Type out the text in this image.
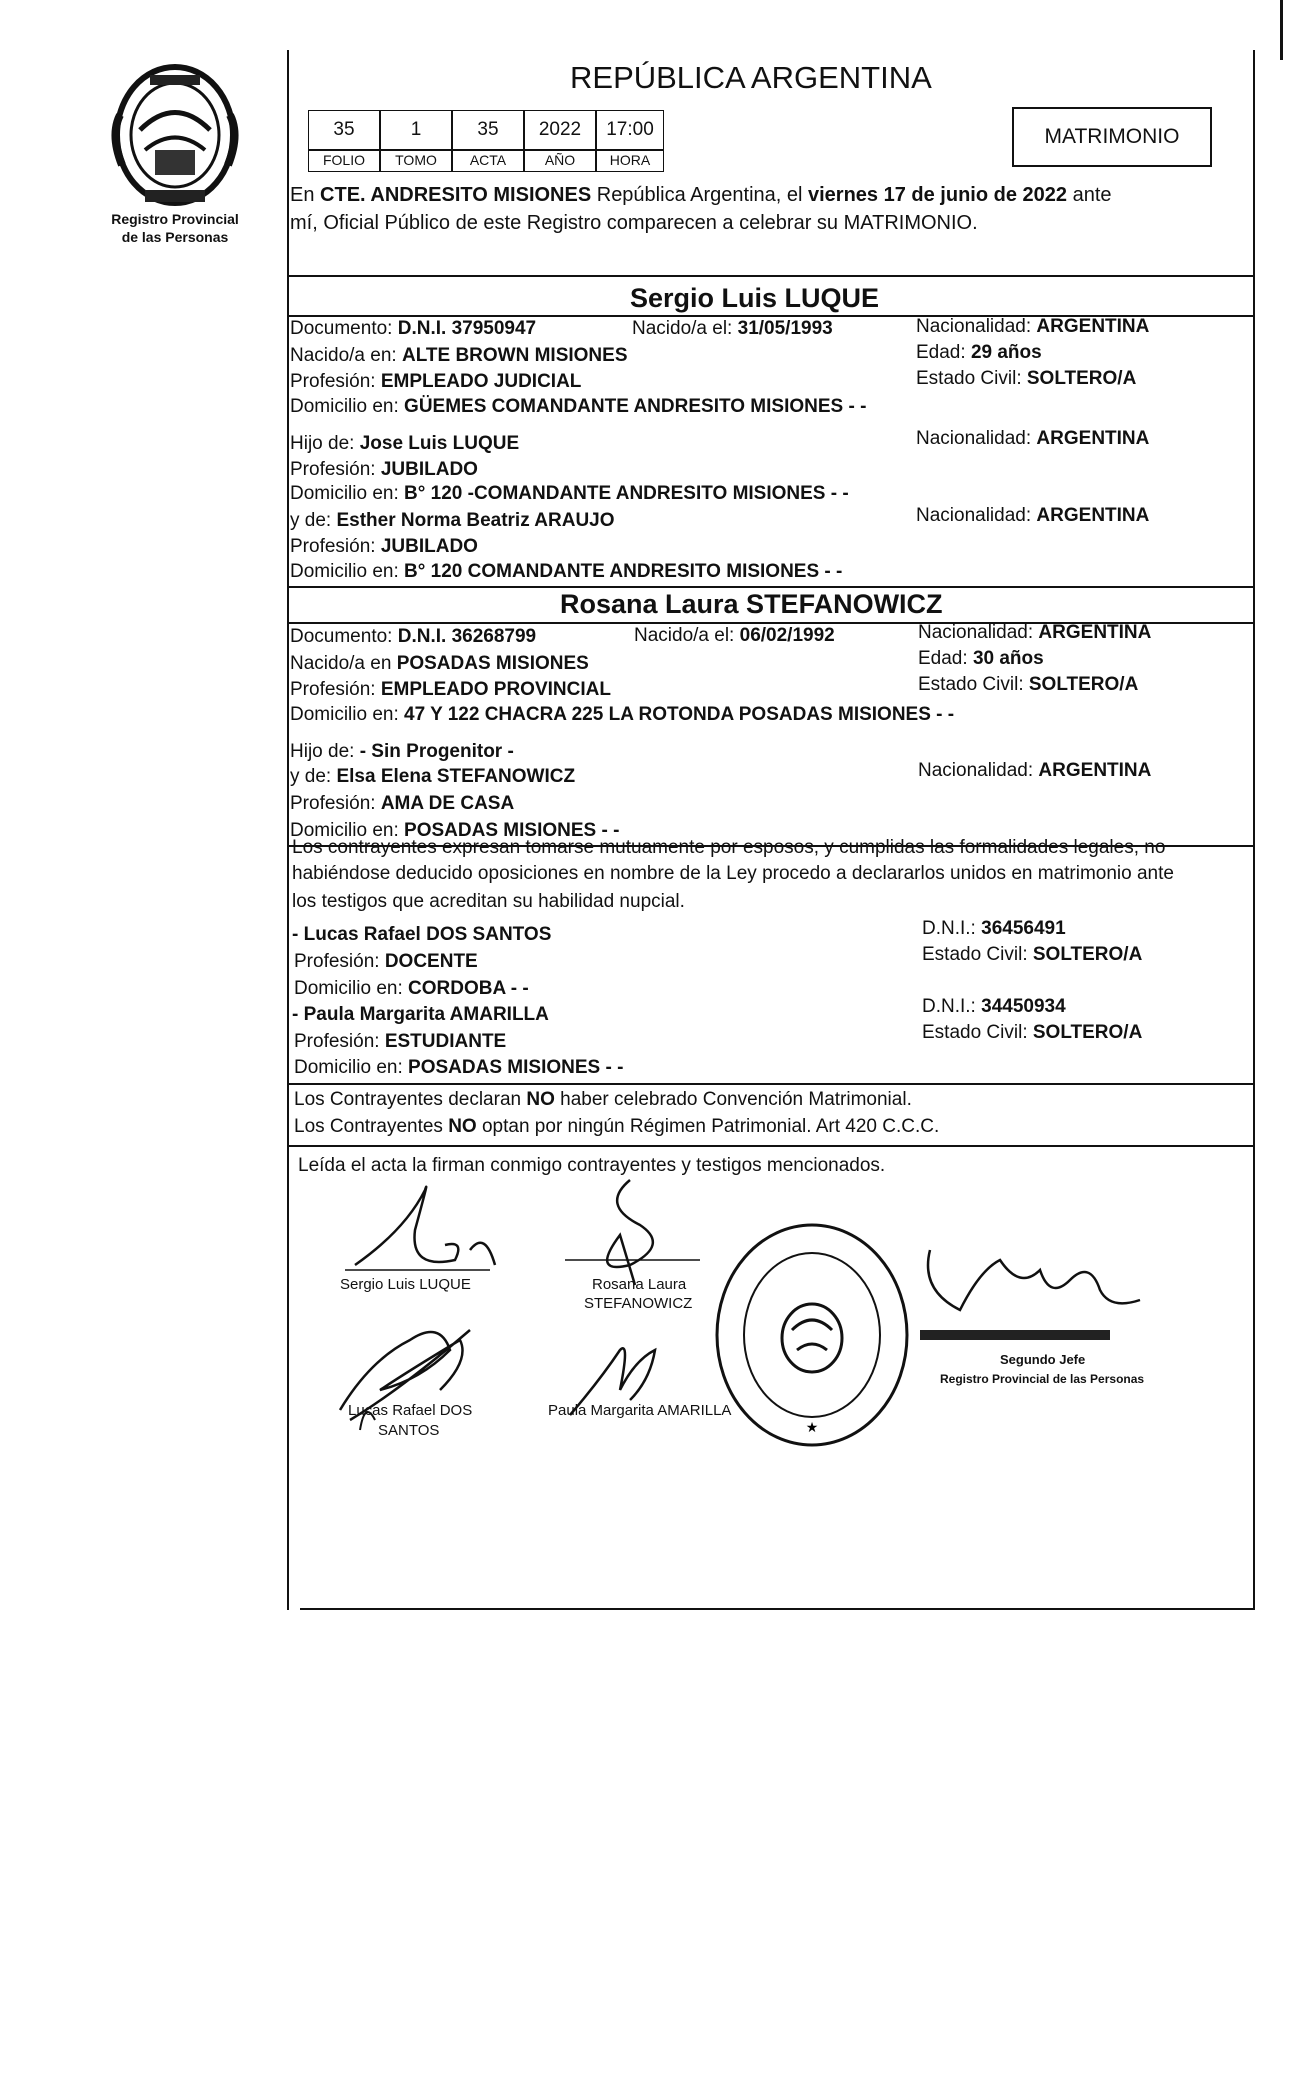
Registro Provincial
de las Personas
REPÚBLICA ARGENTINA
35	1	35	2022	17:00
FOLIO	TOMO	ACTA	AÑO	HORA
MATRIMONIO
En CTE. ANDRESITO MISIONES República Argentina, el viernes 17 de junio de 2022 ante
mí, Oficial Público de este Registro comparecen a celebrar su MATRIMONIO.
Sergio Luis LUQUE
Documento: D.N.I. 37950947	Nacido/a el: 31/05/1993	Nacionalidad: ARGENTINA
Nacido/a en: ALTE BROWN MISIONES	Edad: 29 años
Profesión: EMPLEADO JUDICIAL	Estado Civil: SOLTERO/A
Domicilio en: GÜEMES COMANDANTE ANDRESITO MISIONES - -
Hijo de: Jose Luis LUQUE	Nacionalidad: ARGENTINA
Profesión: JUBILADO
Domicilio en: B° 120 -COMANDANTE ANDRESITO MISIONES - -
y de: Esther Norma Beatriz ARAUJO	Nacionalidad: ARGENTINA
Profesión: JUBILADO
Domicilio en: B° 120 COMANDANTE ANDRESITO MISIONES - -
Rosana Laura STEFANOWICZ
Documento: D.N.I. 36268799	Nacido/a el: 06/02/1992	Nacionalidad: ARGENTINA
Nacido/a en POSADAS MISIONES	Edad: 30 años
Profesión: EMPLEADO PROVINCIAL	Estado Civil: SOLTERO/A
Domicilio en: 47 Y 122 CHACRA 225 LA ROTONDA POSADAS MISIONES - -
Hijo de: - Sin Progenitor -
y de: Elsa Elena STEFANOWICZ	Nacionalidad: ARGENTINA
Profesión: AMA DE CASA
Domicilio en: POSADAS MISIONES - -
Los contrayentes expresan tomarse mutuamente por esposos, y cumplidas las formalidades legales, no
habiéndose deducido oposiciones en nombre de la Ley procedo a declararlos unidos en matrimonio ante
los testigos que acreditan su habilidad nupcial.
- Lucas Rafael DOS SANTOS	D.N.I.: 36456491
Profesión: DOCENTE	Estado Civil: SOLTERO/A
Domicilio en: CORDOBA - -
- Paula Margarita AMARILLA	D.N.I.: 34450934
Profesión: ESTUDIANTE	Estado Civil: SOLTERO/A
Domicilio en: POSADAS MISIONES - -
Los Contrayentes declaran NO haber celebrado Convención Matrimonial.
Los Contrayentes NO optan por ningún Régimen Patrimonial. Art 420 C.C.C.
Leída el acta la firman conmigo contrayentes y testigos mencionados.
Sergio Luis LUQUE	Rosana Laura
STEFANOWICZ
Lucas Rafael DOS
SANTOS
Paula Margarita AMARILLA
★
Segundo Jefe
Registro Provincial de las Personas
